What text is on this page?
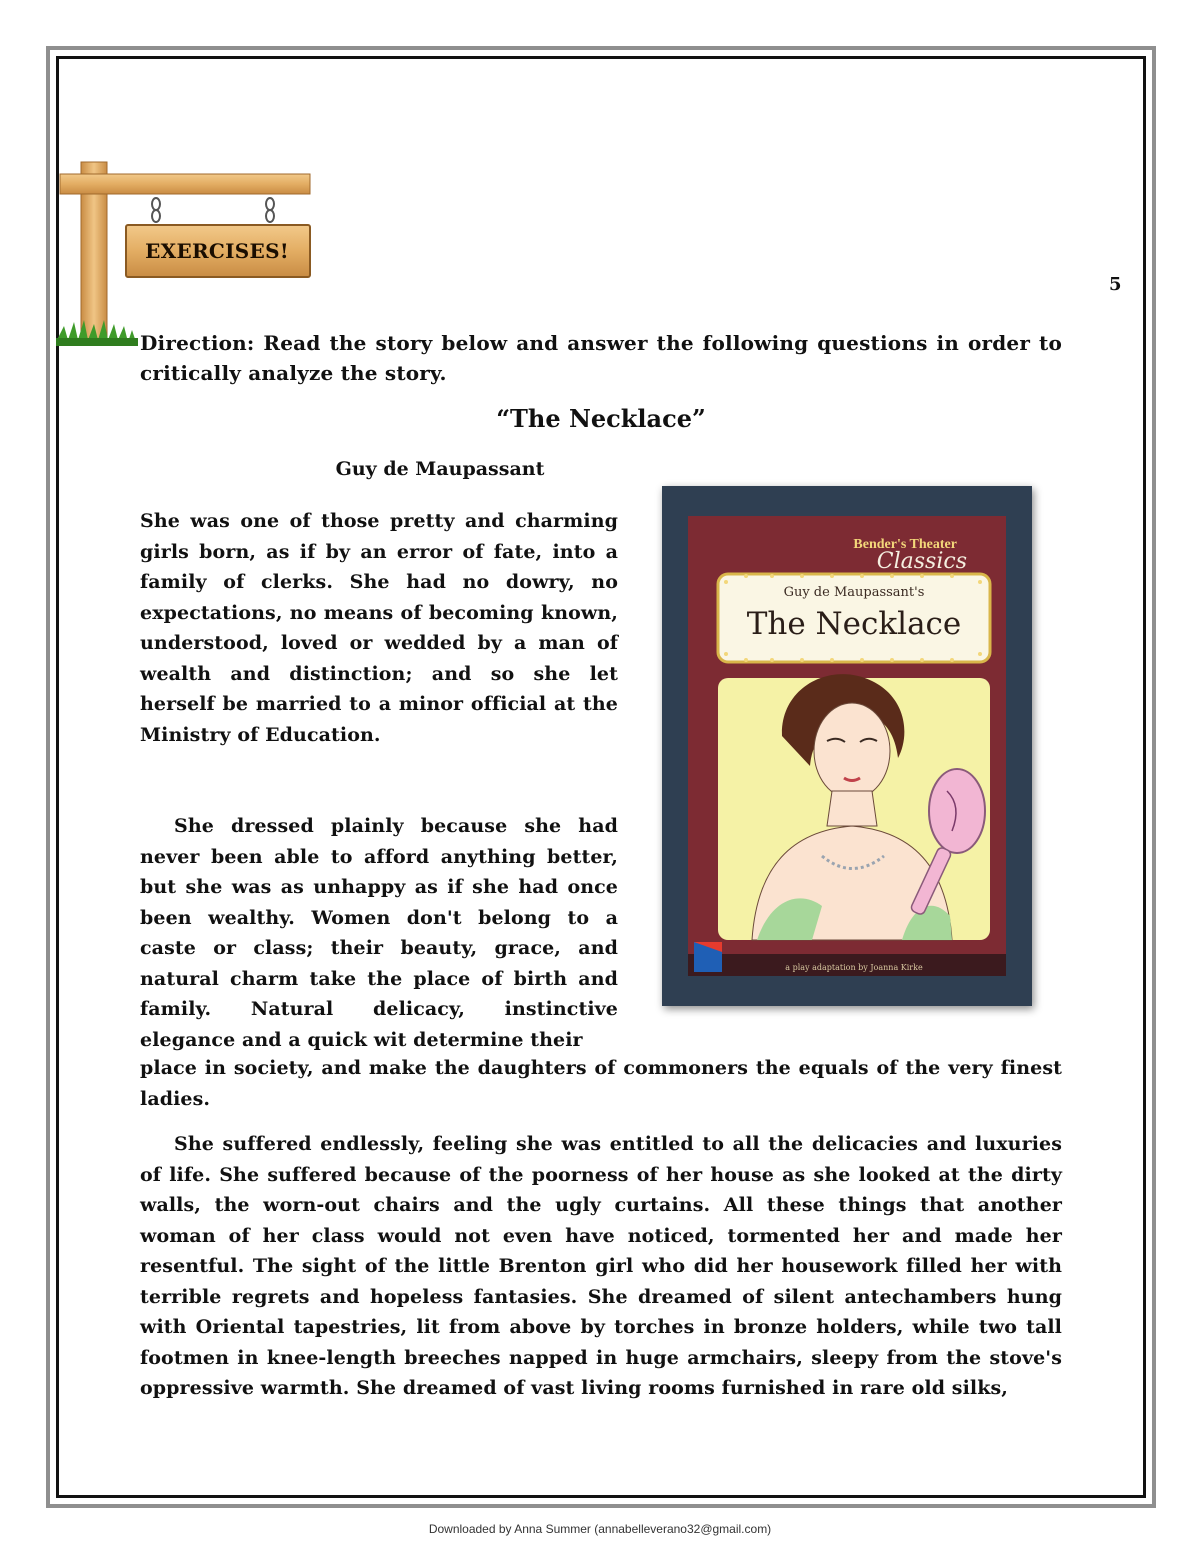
EXERCISES!
5

Direction: Read the story below and answer the following questions in order to critically analyze the story.

“The Necklace”
Guy de Maupassant

She was one of those pretty and charming girls born, as if by an error of fate, into a family of clerks. She had no dowry, no expectations, no means of becoming known, understood, loved or wedded by a man of wealth and distinction; and so she let herself be married to a minor official at the Ministry of Education.

She dressed plainly because she had never been able to afford anything better, but she was as unhappy as if she had once been wealthy. Women don't belong to a caste or class; their beauty, grace, and natural charm take the place of birth and family. Natural delicacy, instinctive elegance and a quick wit determine their

place in society, and make the daughters of commoners the equals of the very finest ladies.

She suffered endlessly, feeling she was entitled to all the delicacies and luxuries of life. She suffered because of the poorness of her house as she looked at the dirty walls, the worn-out chairs and the ugly curtains. All these things that another woman of her class would not even have noticed, tormented her and made her resentful. The sight of the little Brenton girl who did her housework filled her with terrible regrets and hopeless fantasies. She dreamed of silent antechambers hung with Oriental tapestries, lit from above by torches in bronze holders, while two tall footmen in knee-length breeches napped in huge armchairs, sleepy from the stove's oppressive warmth. She dreamed of vast living rooms furnished in rare old silks,

Bender's Theater
Classics
Guy de Maupassant's
The Necklace
a play adaptation by Joanna Kirke
Downloaded by Anna Summer (annabelleverano32@gmail.com)
